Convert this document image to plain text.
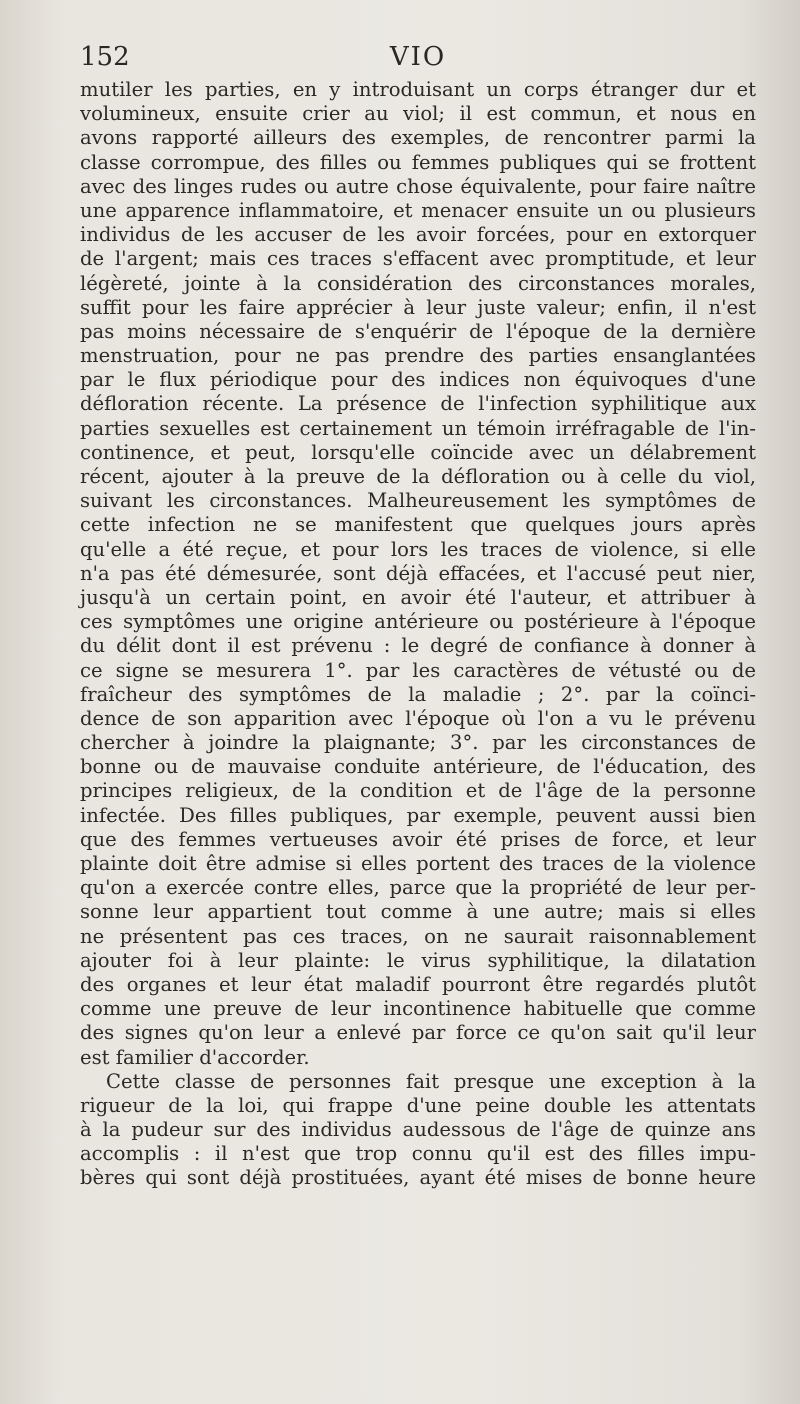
152	VIO
mutiler les parties, en y introduisant un corps étranger dur et
volumineux, ensuite crier au viol; il est commun, et nous en
avons rapporté ailleurs des exemples, de rencontrer parmi la
classe corrompue, des filles ou femmes publiques qui se frottent
avec des linges rudes ou autre chose équivalente, pour faire naître
une apparence inflammatoire, et menacer ensuite un ou plusieurs
individus de les accuser de les avoir forcées, pour en extorquer
de l'argent; mais ces traces s'effacent avec promptitude, et leur
légèreté, jointe à la considération des circonstances morales,
suffit pour les faire apprécier à leur juste valeur; enfin, il n'est
pas moins nécessaire de s'enquérir de l'époque de la dernière
menstruation, pour ne pas prendre des parties ensanglantées
par le flux périodique pour des indices non équivoques d'une
défloration récente. La présence de l'infection syphilitique aux
parties sexuelles est certainement un témoin irréfragable de l'in-
continence, et peut, lorsqu'elle coïncide avec un délabrement
récent, ajouter à la preuve de la défloration ou à celle du viol,
suivant les circonstances. Malheureusement les symptômes de
cette infection ne se manifestent que quelques jours après
qu'elle a été reçue, et pour lors les traces de violence, si elle
n'a pas été démesurée, sont déjà effacées, et l'accusé peut nier,
jusqu'à un certain point, en avoir été l'auteur, et attribuer à
ces symptômes une origine antérieure ou postérieure à l'époque
du délit dont il est prévenu : le degré de confiance à donner à
ce signe se mesurera 1°. par les caractères de vétusté ou de
fraîcheur des symptômes de la maladie ; 2°. par la coïnci-
dence de son apparition avec l'époque où l'on a vu le prévenu
chercher à joindre la plaignante; 3°. par les circonstances de
bonne ou de mauvaise conduite antérieure, de l'éducation, des
principes religieux, de la condition et de l'âge de la personne
infectée. Des filles publiques, par exemple, peuvent aussi bien
que des femmes vertueuses avoir été prises de force, et leur
plainte doit être admise si elles portent des traces de la violence
qu'on a exercée contre elles, parce que la propriété de leur per-
sonne leur appartient tout comme à une autre; mais si elles
ne présentent pas ces traces, on ne saurait raisonnablement
ajouter foi à leur plainte: le virus syphilitique, la dilatation
des organes et leur état maladif pourront être regardés plutôt
comme une preuve de leur incontinence habituelle que comme
des signes qu'on leur a enlevé par force ce qu'on sait qu'il leur
est familier d'accorder.
Cette classe de personnes fait presque une exception à la
rigueur de la loi, qui frappe d'une peine double les attentats
à la pudeur sur des individus audessous de l'âge de quinze ans
accomplis : il n'est que trop connu qu'il est des filles impu-
bères qui sont déjà prostituées, ayant été mises de bonne heure
